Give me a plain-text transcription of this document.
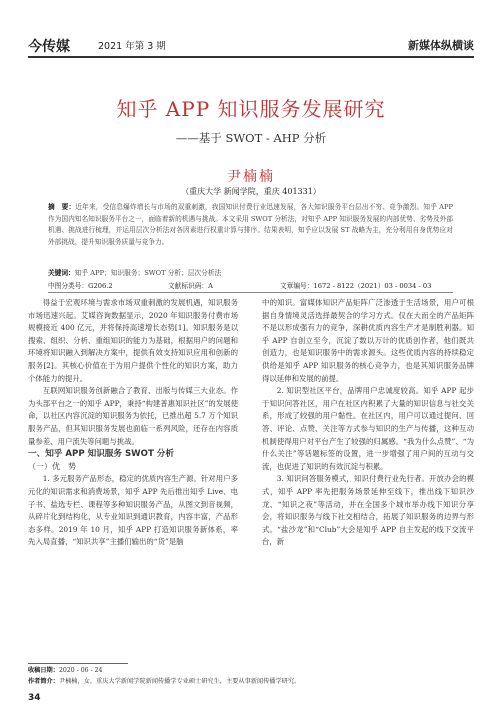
今传媒	2021 年第 3 期	新媒体纵横谈
知乎 APP 知识服务发展研究
——基于 SWOT - AHP 分析
尹楠楠
（重庆大学 新闻学院，重庆 401331）
摘　要：近年来，受信息爆炸增长与市场的双重刺激，我国知识付费行业迅速发展，各大知识服务平台层出不穷、竞争激烈。知乎 APP 作为国内知名知识服务平台之一，面临着新的机遇与挑战。本文采用 SWOT 分析法，对知乎 APP 知识服务发展的内部优势、劣势及外部机遇、挑战进行梳理，并运用层次分析法对各因素进行权重计算与排序。结果表明，知乎应以发展 ST 战略为主，充分利用自身优势应对外部挑战，提升知识服务质量与竞争力。
关键词：知乎 APP；知识服务；SWOT 分析；层次分析法
中图分类号：G206.2	文献标识码：A	文章编号：1672 - 8122（2021）03 - 0034 - 03

得益于宏观环境与需求市场双重刺激的发展机遇，知识服务市场迅速兴起。艾媒咨询数据显示，2020 年知识服务付费市场规模接近 400 亿元，并将保持高速增长态势[1]。知识服务是以搜索、组织、分析、重组知识的能力为基础，根据用户的问题和环境将知识融入到解决方案中，提供有效支持知识应用和创新的服务[2]。其核心价值在于为用户提供个性化的知识方案，助力个体能力的提升。

互联网知识服务创新融合了教育、出版与传媒三大业态。作为头部平台之一的知乎 APP，秉持“构建普惠知识社区”的发展使命，以社区内容沉淀的知识服务为依托，已推出超 5.7 万个知识服务产品，但其知识服务发展也面临一系列风险，还存在内容质量参差、用户流失等问题与挑战。

一、知乎 APP 知识服务 SWOT 分析

（一）优　势

1. 多元服务产品形态，稳定的优质内容生产源。针对用户多元化的知识需求和消费场景，知乎 APP 先后推出知乎 Live、电子书、盐选专栏、课程等多种知识服务产品，从图文到音视频，从碎片化到结构化，从专业知识到通识教育，内容丰富，产品形态多样。2019 年 10 月，知乎 APP 打造知识服务新体系，率先入局直播，“知识共享”主播们输出的“货”是脑

中的知识。富媒体知识产品矩阵广泛渗透于生活场景，用户可根据自身情境灵活选择最契合的学习方式。仅在大而全的产品矩阵不是以形成强有力的竞争，深耕优质内容生产才是制胜利器。知乎 APP 自创立至今，沉淀了数以万计的优质创作者，他们既共创造力，也是知识服务中的需求源头。这些优质内容的持续稳定供给是知乎 APP 知识服务的核心竞争力，也是其知识服务品牌得以延伸和发展的前提。

2. 知识型社区平台，品牌用户忠诚度较高。知乎 APP 起步于知识问答社区，用户在社区内积累了大量的知识信息与社交关系，形成了较强的用户黏性。在社区内，用户可以通过提问、回答、评论、点赞、关注等方式参与知识的生产与传播，这种互动机制使得用户对平台产生了较强的归属感。“我为什么点赞”、“为什么关注”等话题标签的设置，进一步增强了用户间的互动与交流，也促进了知识的有效沉淀与积累。

3. 知识问答服务模式，知识付费行业先行者。开放办会的模式，知乎 APP 率先把服务场景延伸至线下，推出线下知识沙龙、“知识之夜”等活动，并在全国多个城市举办线下知识分享会，将知识服务与线下社交相结合，拓展了知识服务的边界与形式。“盐沙龙”和“Club”大会是知乎 APP 自主发起的线下交流平台，新

收稿日期：2020 - 06 - 24
作者简介：尹楠楠，女，重庆大学新闻学院新闻传播学专业硕士研究生，主要从事新闻传播学研究。
34
